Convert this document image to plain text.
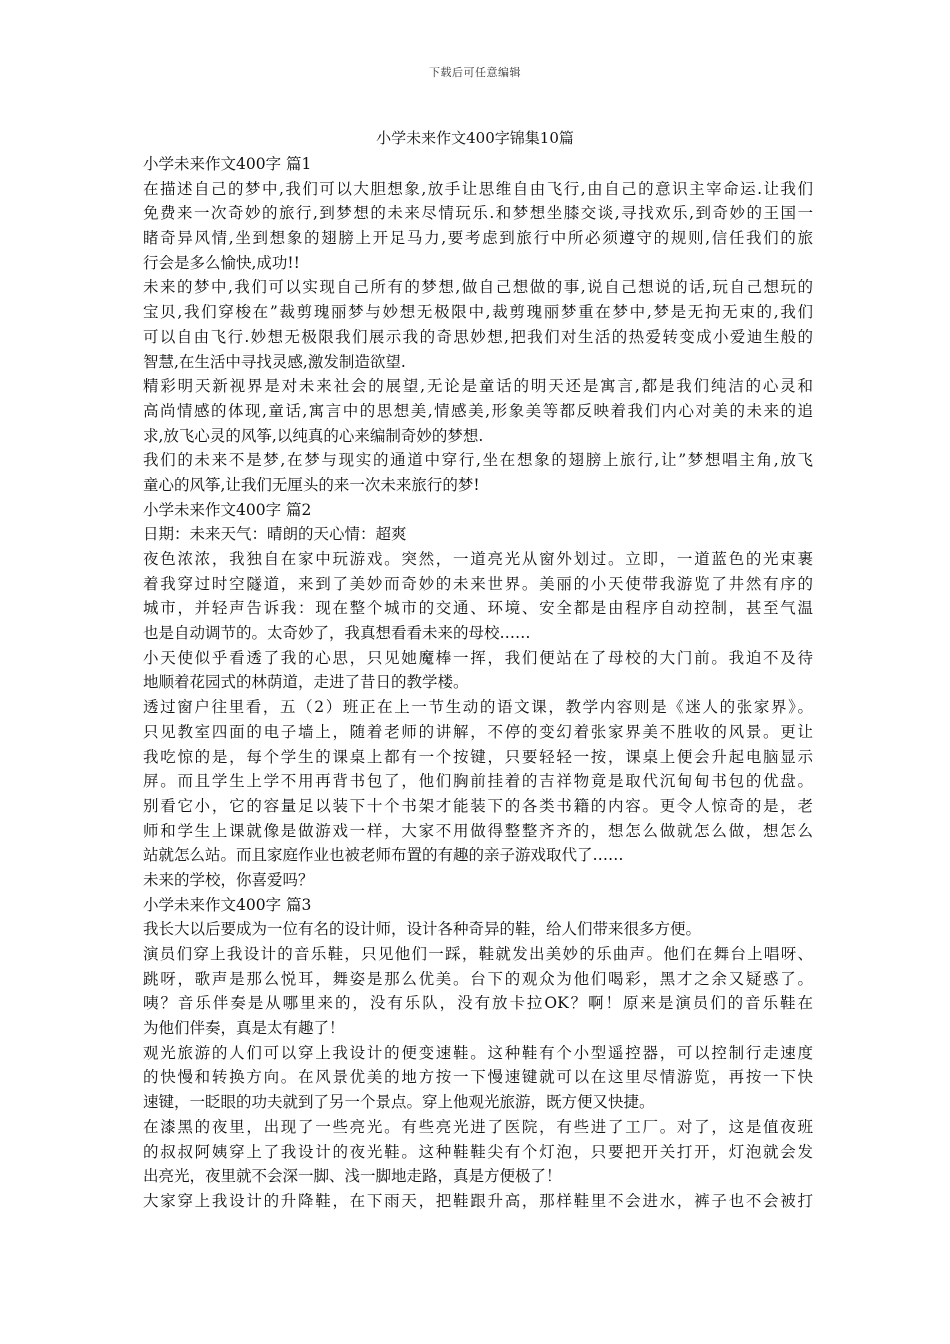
下载后可任意编辑
小学未来作文400字锦集10篇
小学未来作文400字 篇1
在描述自己的梦中,我们可以大胆想象,放手让思维自由飞行,由自己的意识主宰命运.让我们
免费来一次奇妙的旅行,到梦想的未来尽情玩乐.和梦想坐膝交谈,寻找欢乐,到奇妙的王国一
睹奇异风情,坐到想象的翅膀上开足马力,要考虑到旅行中所必须遵守的规则,信任我们的旅
行会是多么愉快,成功!!
未来的梦中,我们可以实现自己所有的梦想,做自己想做的事,说自己想说的话,玩自己想玩的
宝贝,我们穿梭在”裁剪瑰丽梦与妙想无极限中,裁剪瑰丽梦重在梦中,梦是无拘无束的,我们
可以自由飞行.妙想无极限我们展示我的奇思妙想,把我们对生活的热爱转变成小爱迪生般的
智慧,在生活中寻找灵感,激发制造欲望.
精彩明天新视界是对未来社会的展望,无论是童话的明天还是寓言,都是我们纯洁的心灵和
高尚情感的体现,童话,寓言中的思想美,情感美,形象美等都反映着我们内心对美的未来的追
求,放飞心灵的风筝,以纯真的心来编制奇妙的梦想.
我们的未来不是梦,在梦与现实的通道中穿行,坐在想象的翅膀上旅行,让”梦想唱主角,放飞
童心的风筝,让我们无厘头的来一次未来旅行的梦!
小学未来作文400字 篇2
日期：未来天气：晴朗的天心情：超爽
夜色浓浓，我独自在家中玩游戏。突然，一道亮光从窗外划过。立即，一道蓝色的光束裹
着我穿过时空隧道，来到了美妙而奇妙的未来世界。美丽的小天使带我游览了井然有序的
城市，并轻声告诉我：现在整个城市的交通、环境、安全都是由程序自动控制，甚至气温
也是自动调节的。太奇妙了，我真想看看未来的母校……
小天使似乎看透了我的心思，只见她魔棒一挥，我们便站在了母校的大门前。我迫不及待
地顺着花园式的林荫道，走进了昔日的教学楼。
透过窗户往里看，五（2）班正在上一节生动的语文课，教学内容则是《迷人的张家界》。
只见教室四面的电子墙上，随着老师的讲解，不停的变幻着张家界美不胜收的风景。更让
我吃惊的是，每个学生的课桌上都有一个按键，只要轻轻一按，课桌上便会升起电脑显示
屏。而且学生上学不用再背书包了，他们胸前挂着的吉祥物竟是取代沉甸甸书包的优盘。
别看它小，它的容量足以装下十个书架才能装下的各类书籍的内容。更令人惊奇的是，老
师和学生上课就像是做游戏一样，大家不用做得整整齐齐的，想怎么做就怎么做，想怎么
站就怎么站。而且家庭作业也被老师布置的有趣的亲子游戏取代了……
未来的学校，你喜爱吗？
小学未来作文400字 篇3
我长大以后要成为一位有名的设计师，设计各种奇异的鞋，给人们带来很多方便。
演员们穿上我设计的音乐鞋，只见他们一踩，鞋就发出美妙的乐曲声。他们在舞台上唱呀、
跳呀，歌声是那么悦耳，舞姿是那么优美。台下的观众为他们喝彩，黑才之余又疑惑了。
咦？音乐伴奏是从哪里来的，没有乐队，没有放卡拉OK？啊！原来是演员们的音乐鞋在
为他们伴奏，真是太有趣了！
观光旅游的人们可以穿上我设计的便变速鞋。这种鞋有个小型遥控器，可以控制行走速度
的快慢和转换方向。在风景优美的地方按一下慢速键就可以在这里尽情游览，再按一下快
速键，一眨眼的功夫就到了另一个景点。穿上他观光旅游，既方便又快捷。
在漆黑的夜里，出现了一些亮光。有些亮光进了医院，有些进了工厂。对了，这是值夜班
的叔叔阿姨穿上了我设计的夜光鞋。这种鞋鞋尖有个灯泡，只要把开关打开，灯泡就会发
出亮光，夜里就不会深一脚、浅一脚地走路，真是方便极了！
大家穿上我设计的升降鞋，在下雨天，把鞋跟升高，那样鞋里不会进水，裤子也不会被打
